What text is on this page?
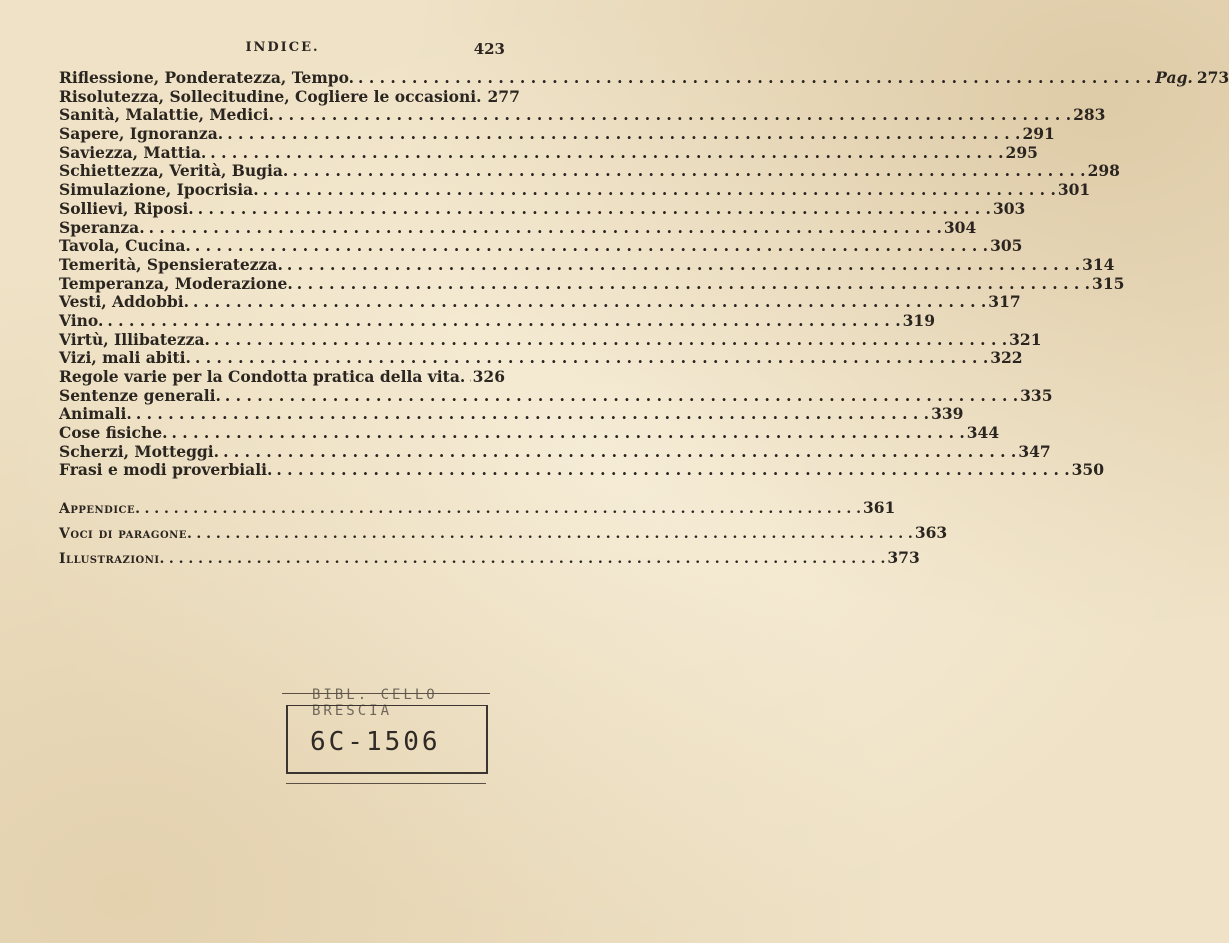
INDICE.	423
Riflessione, Ponderatezza, Tempo. . . .	Pag. 273
Risolutezza, Sollecitudine, Cogliere le occasioni. 277
Sanità, Malattie, Medici. . . .	283
Sapere, Ignoranza. . . .	291
Saviezza, Mattia. . . .	295
Schiettezza, Verità, Bugia. . . .	298
Simulazione, Ipocrisia. . . .	301
Sollievi, Riposi. . . .	303
Speranza. . . .	304
Tavola, Cucina. . . .	305
Temerità, Spensieratezza. . . .	314
Temperanza, Moderazione. . . .	315
Vesti, Addobbi. . . .	317
Vino. . . .	319
Virtù, Illibatezza. . . .	321
Vizi, mali abiti. . . .	322
Regole varie per la Condotta pratica della vita. . . . 326
Sentenze generali. . . .	335
Animali. . . .	339
Cose fisiche. . . .	344
Scherzi, Motteggi. . . .	347
Frasi e modi proverbiali. . . .	350
Appendice. . . .	361
Voci di paragone. . . .	363
Illustrazioni. . . .	373
BIBL. CELLO BRESCIA
6C-1506
